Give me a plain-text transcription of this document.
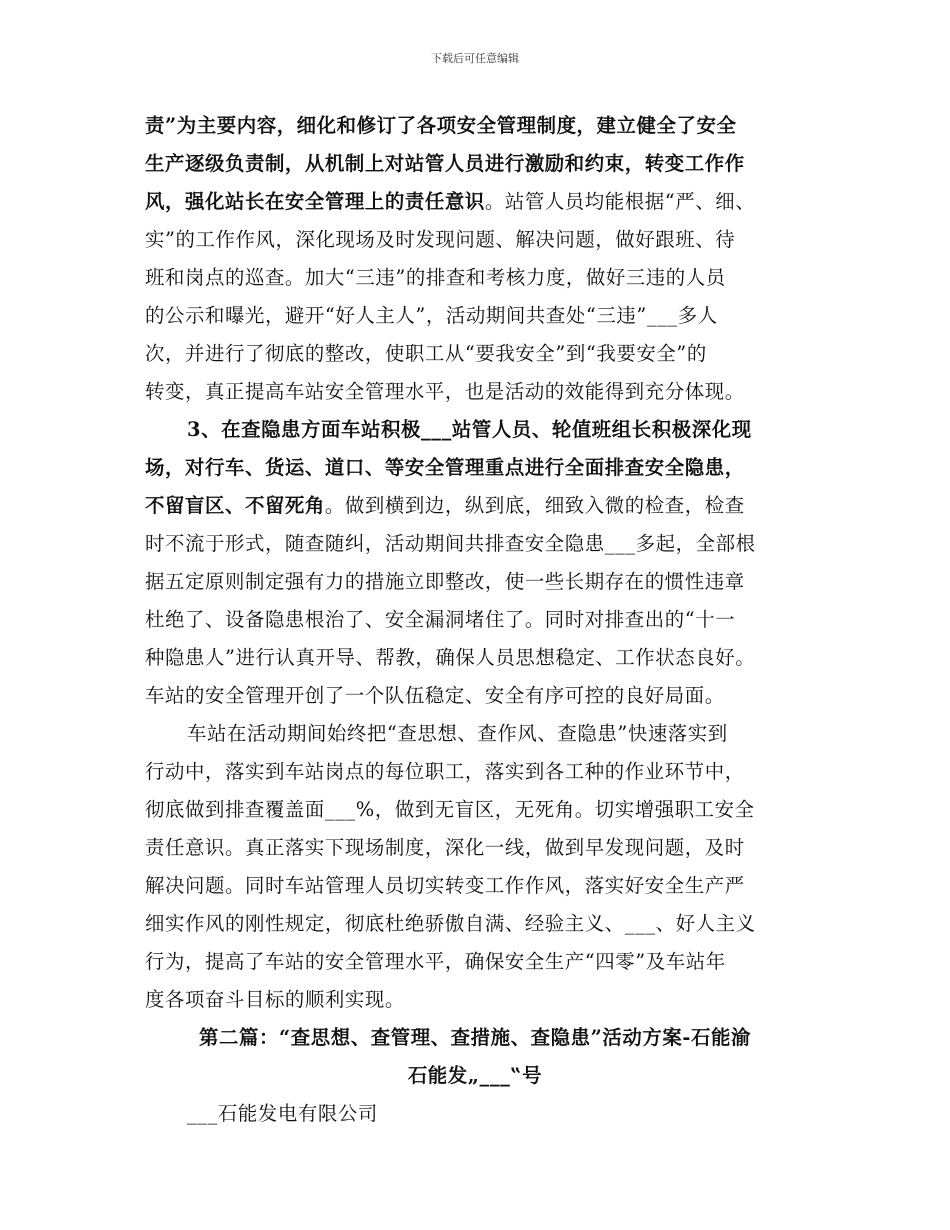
下载后可任意编辑
责”为主要内容，细化和修订了各项安全管理制度，建立健全了安全
生产逐级负责制，从机制上对站管人员进行激励和约束，转变工作作
风，强化站长在安全管理上的责任意识。站管人员均能根据“严、细、
实”的工作作风，深化现场及时发现问题、解决问题，做好跟班、待
班和岗点的巡查。加大“三违”的排查和考核力度，做好三违的人员
的公示和曝光，避开“好人主人”，活动期间共查处“三违”___多人
次，并进行了彻底的整改，使职工从“要我安全”到“我要安全”的
转变，真正提高车站安全管理水平，也是活动的效能得到充分体现。
3、在查隐患方面车站积极___站管人员、轮值班组长积极深化现
场，对行车、货运、道口、等安全管理重点进行全面排查安全隐患，
不留盲区、不留死角。做到横到边，纵到底，细致入微的检查，检查
时不流于形式，随查随纠，活动期间共排查安全隐患___多起，全部根
据五定原则制定强有力的措施立即整改，使一些长期存在的惯性违章
杜绝了、设备隐患根治了、安全漏洞堵住了。同时对排查出的“十一
种隐患人”进行认真开导、帮教，确保人员思想稳定、工作状态良好。
车站的安全管理开创了一个队伍稳定、安全有序可控的良好局面。
车站在活动期间始终把“查思想、查作风、查隐患”快速落实到
行动中，落实到车站岗点的每位职工，落实到各工种的作业环节中，
彻底做到排查覆盖面___%，做到无盲区，无死角。切实增强职工安全
责任意识。真正落实下现场制度，深化一线，做到早发现问题，及时
解决问题。同时车站管理人员切实转变工作作风，落实好安全生产严
细实作风的刚性规定，彻底杜绝骄傲自满、经验主义、___、好人主义
行为，提高了车站的安全管理水平，确保安全生产“四零”及车站年
度各项奋斗目标的顺利实现。
第二篇：“查思想、查管理、查措施、查隐患”活动方案-石能渝
石能发„___‟号
___石能发电有限公司
